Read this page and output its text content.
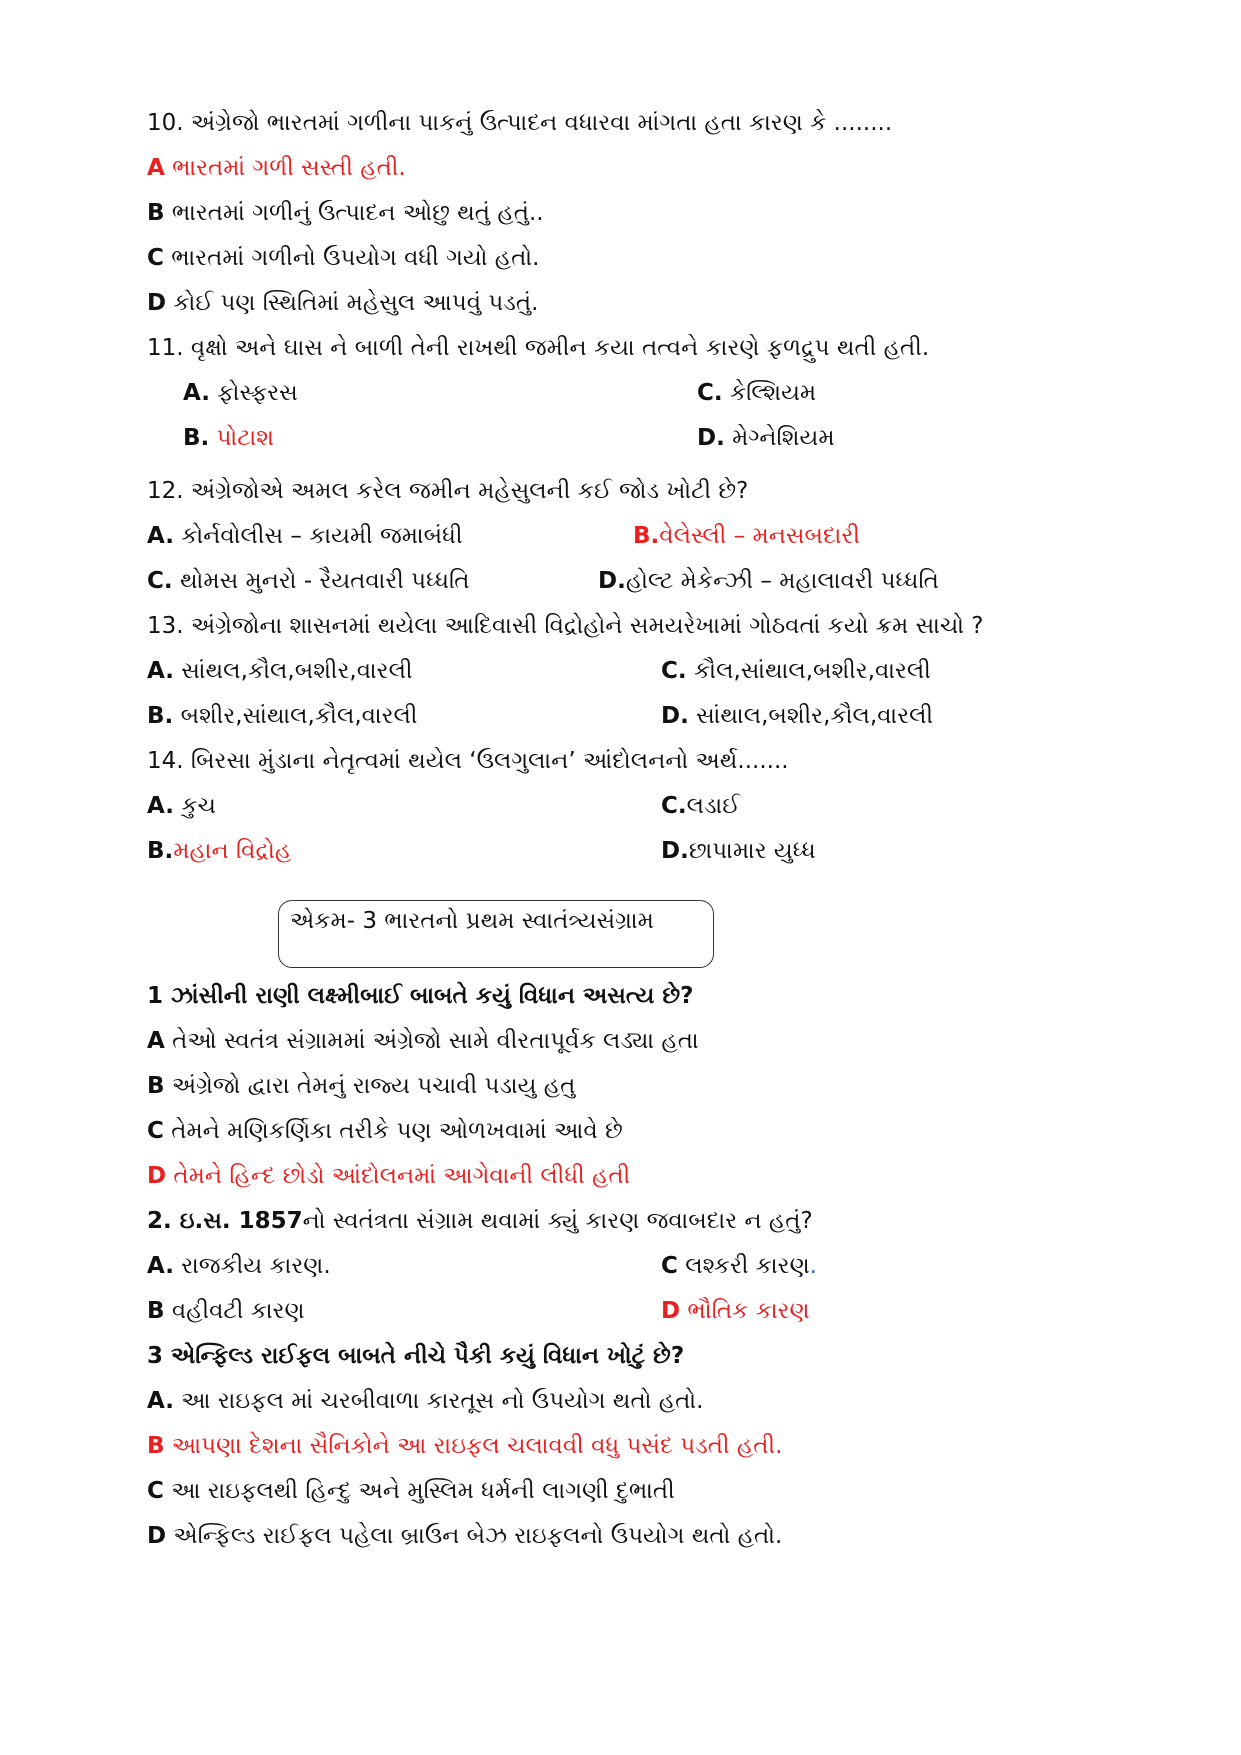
10. અંગ્રેજો ભારતમાં ગળીના પાકનું ઉત્પાદન વધારવા માંગતા હતા કારણ કે ........
A ભારતમાં ગળી સસ્તી હતી.
B ભારતમાં ગળીનું ઉત્પાદન ઓછુ થતું હતું..
C ભારતમાં ગળીનો ઉપયોગ વધી ગયો હતો.
D કોઈ પણ સ્થિતિમાં મહેસુલ આપવું પડતું.
11. વૃક્ષો અને ઘાસ ને બાળી તેની રાખથી જમીન કયા તત્વને કારણે ફળદ્રુપ થતી હતી.
A. ફોસ્ફરસ	C. કેલ્શિયમ
B. પોટાશ	D. મેગ્નેશિયમ
12. અંગ્રેજોએ અમલ કરેલ જમીન મહેસુલની કઈ જોડ ખોટી છે?
A. કોર્નવોલીસ – કાયમી જમાબંધી	B.વેલેસ્લી – મનસબદારી
C. થોમસ મુનરો - રૈયતવારી પધ્ધતિ	D.હોલ્ટ મેકેન્ઝી – મહાલાવરી પધ્ધતિ
13. અંગ્રેજોના શાસનમાં થયેલા આદિવાસી વિદ્રોહોને સમયરેખામાં ગોઠવતાં કયો ક્રમ સાચો ?
A. સાંથલ,કૌલ,બશીર,વારલી	C. કૌલ,સાંથાલ,બશીર,વારલી
B. બશીર,સાંથાલ,કૌલ,વારલી	D. સાંથાલ,બશીર,કૌલ,વારલી
14. બિરસા મુંડાના નેતૃત્વમાં થયેલ ‘ઉલગુલાન’ આંદોલનનો અર્થ.......
A. કુચ	C.લડાઈ
B.મહાન વિદ્રોહ	D.છાપામાર યુધ્ધ
એકમ- 3 ભારતનો પ્રથમ સ્વાતંત્ર્યસંગ્રામ
1 ઝાંસીની રાણી લક્ષ્મીબાઈ બાબતે કયું વિધાન અસત્ય છે?
A તેઓ સ્વતંત્ર સંગ્રામમાં અંગ્રેજો સામે વીરતાપૂર્વક લડ્યા હતા
B અંગ્રેજો દ્વારા તેમનું રાજ્ય પચાવી પડાયુ હતુ
C તેમને મણિકર્ણિકા તરીકે પણ ઓળખવામાં આવે છે
D તેમને હિન્દ છોડો આંદોલનમાં આગેવાની લીધી હતી
2. ઇ.સ. 1857નો સ્વતંત્રતા સંગ્રામ થવામાં ક્યું કારણ જવાબદાર ન હતું?
A. રાજકીય કારણ.	C લશ્કરી કારણ.
B વહીવટી કારણ	D ભૌતિક કારણ
3 એન્ફિલ્ડ રાઈફલ બાબતે નીચે પૈકી કયું વિધાન ખોટું છે?
A. આ રાઇફલ માં ચરબીવાળા કારતૂસ નો ઉપયોગ થતો હતો.
B આપણા દેશના સૈનિકોને આ રાઇફલ ચલાવવી વધુ પસંદ પડતી હતી.
C આ રાઇફલથી હિન્દુ અને મુસ્લિમ ધર્મની લાગણી દુભાતી
D એન્ફિલ્ડ રાઈફલ પહેલા બ્રાઉન બેઝ રાઇફલનો ઉપયોગ થતો હતો.
